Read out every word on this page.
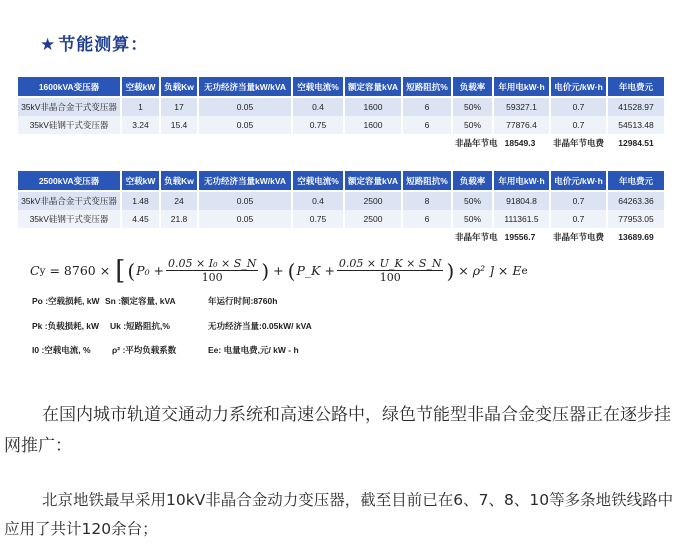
★ 节能测算：
1600kVA变压器	空载kW	负载Kw	无功经济当量kW/kVA	空载电流%	额定容量kVA	短路阻抗%	负载率	年用电kW·h	电价元/kW·h	年电费元
35kV非晶合金干式变压器	1	17	0.05	0.4	1600	6	50%	59327.1	0.7	41528.97
35kV硅钢干式变压器	3.24	15.4	0.05	0.75	1600	6	50%	77876.4	0.7	54513.48
							非晶年节电 18549.3		非晶年节电费	12984.51
2500kVA变压器	空载kW	负载Kw	无功经济当量kW/kVA	空载电流%	额定容量kVA	短路阻抗%	负载率	年用电kW·h	电价元/kW·h	年电费元
35kV非晶合金干式变压器	1.48	24	0.05	0.4	2500	8	50%	91804.8	0.7	64263.36
35kV硅钢干式变压器	4.45	21.8	0.05	0.75	2500	6	50%	111361.5	0.7	77953.05
							非晶年节电 19556.7		非晶年节电费	13689.69
C y = 8760 × [ ( $P_0 + \frac{\text{0.05 × I₀ × S\_N}}{100}$ ) + ( P_K + $\frac{0.05 \times U\_K \times S\_N}{100}$ ) × ρ² ] × E e
Po :空载损耗, kW Sn :额定容量, kVA	年运行时间:8760h
Pk :负载损耗, kW Uk :短路阻抗,%	无功经济当量:0.05kW/ kVA
I0 :空载电流, %	ρ² :平均负载系数	Ee: 电量电费,元/ kW - h
在国内城市轨道交通动力系统和高速公路中，绿色节能型非晶合金变压器正在逐步挂网推广：
北京地铁最早采用10kV非晶合金动力变压器，截至目前已在6、7、8、10等多条地铁线路中应用了共计120余台；
